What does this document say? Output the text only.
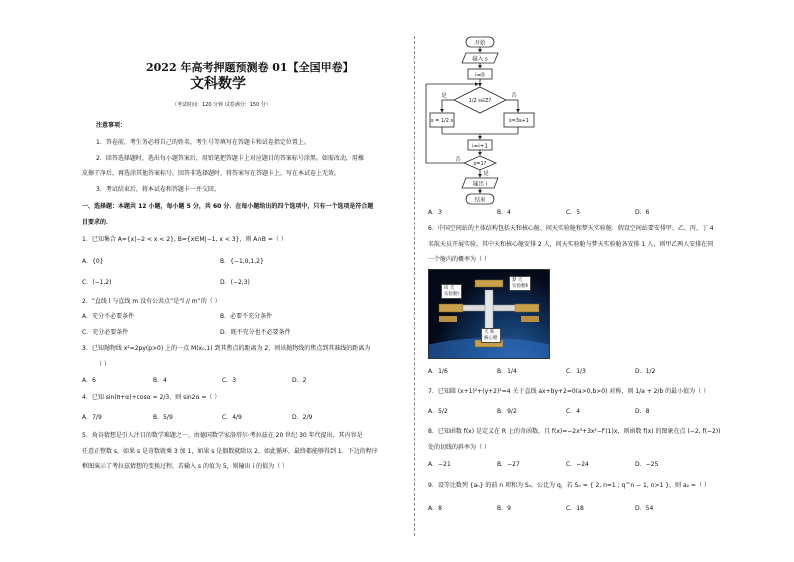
2022 年高考押题预测卷 01【全国甲卷】
文科数学
（考试时间：120 分钟 试卷满分：150 分）
注意事项：
1．答卷前，考生务必将自己的姓名、考生号等填写在答题卡和试卷指定位置上。
2．回答选择题时，选出每小题答案后，用铅笔把答题卡上对应题目的答案标号涂黑。如需改动，用橡
皮擦干净后，再选涂其他答案标号。回答非选择题时，将答案写在答题卡上。写在本试卷上无效。
3．考试结束后，将本试卷和答题卡一并交回。
一、选择题：本题共 12 小题，每小题 5 分，共 60 分．在每小题给出的四个选项中，只有一个选项是符合题
目要求的．
1．已知集合 A={x|−2 < x < 2}, B={x∈M|−1, x < 3}，则 A∩B =（ ）
A．{0}	B．{−1,0,1,2}
C．(−1,2)	D．(−2,3)
2．“直线 l 与直线 m 没有公共点”是“l // m”的（ ）
A．充分不必要条件	B．必要不充分条件
C．充分必要条件	D．既不充分也不必要条件
3．已知抛物线 x²=2py(p>0) 上的一点 M(x₀,1) 到其焦点的距离为 2，则该抛物线的焦点到其准线的距离为
（ ）
A．6	B．4	C．3	D．2
4．已知 sin(π+α)+cosα = 2/3，则 sin2α =（ ）
A．7/9	B．5/9	C．4/9	D．2/9
5．角谷猜想是引人注目的数学难题之一，由德国数学家洛塔尔·考拉兹在 20 世纪 30 年代提出，其内容是
任意正整数 s，如果 s 是奇数就乘 3 加 1，如果 s 是偶数就除以 2，如此循环，最终都能够得到 1．下边的程序
框图演示了考拉兹猜想的变换过程，若输入 s 的值为 5，则输出 i 的值为（ ）
开始
输入 s
i=0
1/2 s∈Z?
是	否
s = 1/2 s	s=3s+1
i=i+1
s=1?
否
是
输出 i
结束
A．3	B．4	C．5	D．6
6．中国空间站的主体结构包括天和核心舱、问天实验舱和梦天实验舱．假设空间站要安排甲、乙、丙、丁 4
名航天员开展实验，其中天和核心舱安排 2 人，问天实验舱与梦天实验舱各安排 1 人，则甲乙两人安排在同
一个舱内的概率为（ ）
问 天
实验舱Ⅰ
梦 天
实验舱Ⅱ
天 和
核心舱
A．1/6	B．1/4	C．1/3	D．1/2
7．已知圆 (x+1)²+(y+2)²=4 关于直线 ax+by+2=0(a>0,b>0) 对称，则 1/a + 2/b 的最小值为（ ）
A．5/2	B．9/2	C．4	D．8
8．已知函数 f(x) 是定义在 R 上的奇函数，且 f(x)=−2x³+3x²−f′(1)x，则函数 f(x) 的图象在点 (−2, f(−2))
处的切线的斜率为（ ）
A．−21	B．−27	C．−24	D．−25
9．设等比数列 {aₙ} 的前 n 项和为 Sₙ，公比为 q，若 Sₙ = { 2, n=1 ; q^n − 1, n>1 }，则 a₂ =（ ）
A．8	B．9	C．18	D．54
